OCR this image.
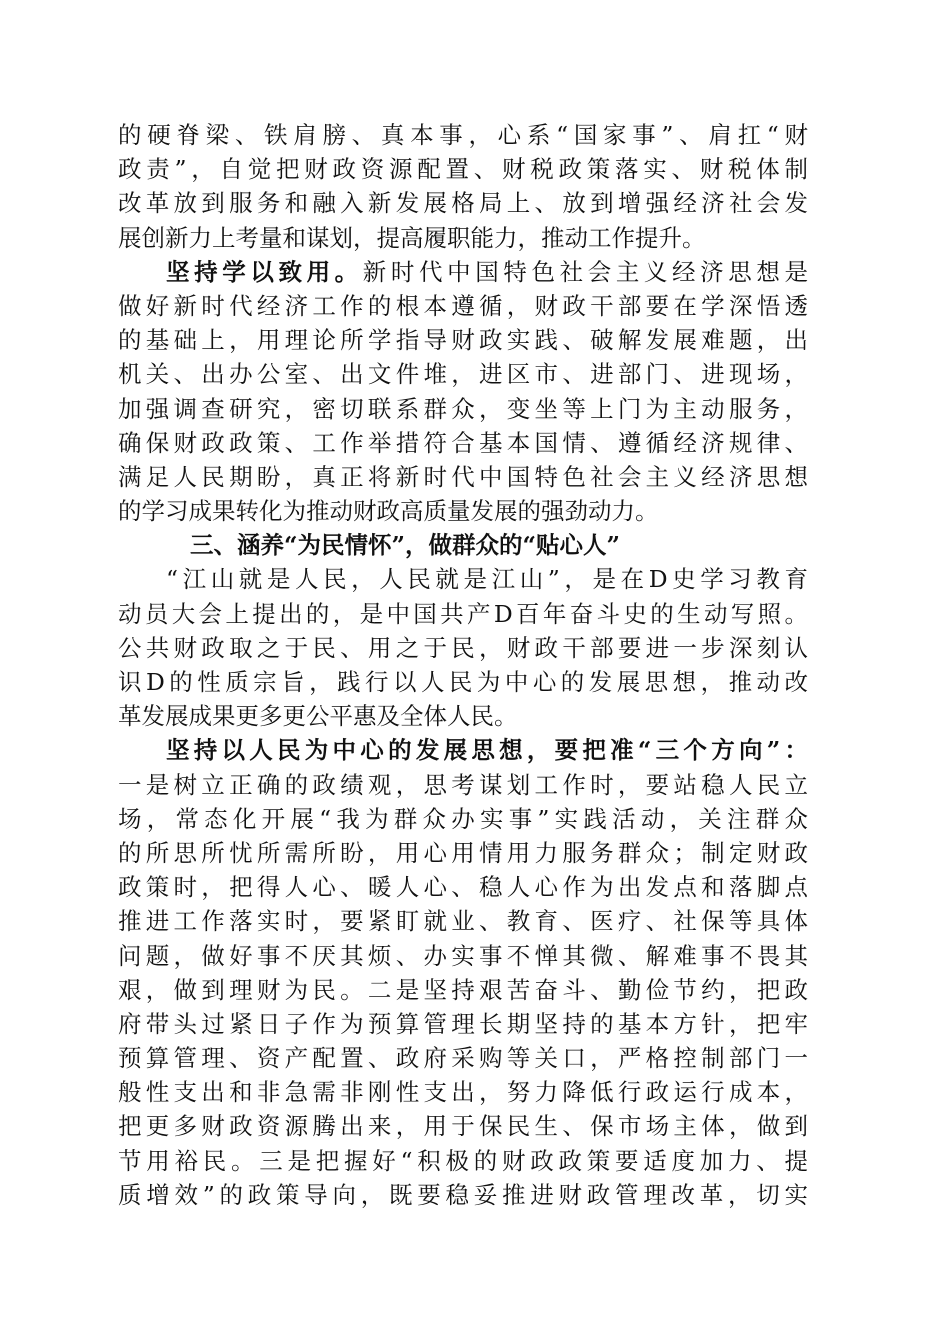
的硬脊梁、铁肩膀、真本事，心系“国家事”、肩扛“财
政责”，自觉把财政资源配置、财税政策落实、财税体制
改革放到服务和融入新发展格局上、放到增强经济社会发
展创新力上考量和谋划，提高履职能力，推动工作提升。
坚持学以致用。新时代中国特色社会主义经济思想是
做好新时代经济工作的根本遵循，财政干部要在学深悟透
的基础上，用理论所学指导财政实践、破解发展难题，出
机关、出办公室、出文件堆，进区市、进部门、进现场，
加强调查研究，密切联系群众，变坐等上门为主动服务，
确保财政政策、工作举措符合基本国情、遵循经济规律、
满足人民期盼，真正将新时代中国特色社会主义经济思想
的学习成果转化为推动财政高质量发展的强劲动力。
三、涵养“为民情怀”，做群众的“贴心人”
“江山就是人民，人民就是江山”，是在D史学习教育
动员大会上提出的，是中国共产D百年奋斗史的生动写照。
公共财政取之于民、用之于民，财政干部要进一步深刻认
识D的性质宗旨，践行以人民为中心的发展思想，推动改
革发展成果更多更公平惠及全体人民。
坚持以人民为中心的发展思想，要把准“三个方向”：
一是树立正确的政绩观，思考谋划工作时，要站稳人民立
场，常态化开展“我为群众办实事”实践活动，关注群众
的所思所忧所需所盼，用心用情用力服务群众；制定财政
政策时，把得人心、暖人心、稳人心作为出发点和落脚点
推进工作落实时，要紧盯就业、教育、医疗、社保等具体
问题，做好事不厌其烦、办实事不惮其微、解难事不畏其
艰，做到理财为民。二是坚持艰苦奋斗、勤俭节约，把政
府带头过紧日子作为预算管理长期坚持的基本方针，把牢
预算管理、资产配置、政府采购等关口，严格控制部门一
般性支出和非急需非刚性支出，努力降低行政运行成本，
把更多财政资源腾出来，用于保民生、保市场主体，做到
节用裕民。三是把握好“积极的财政政策要适度加力、提
质增效”的政策导向，既要稳妥推进财政管理改革，切实
